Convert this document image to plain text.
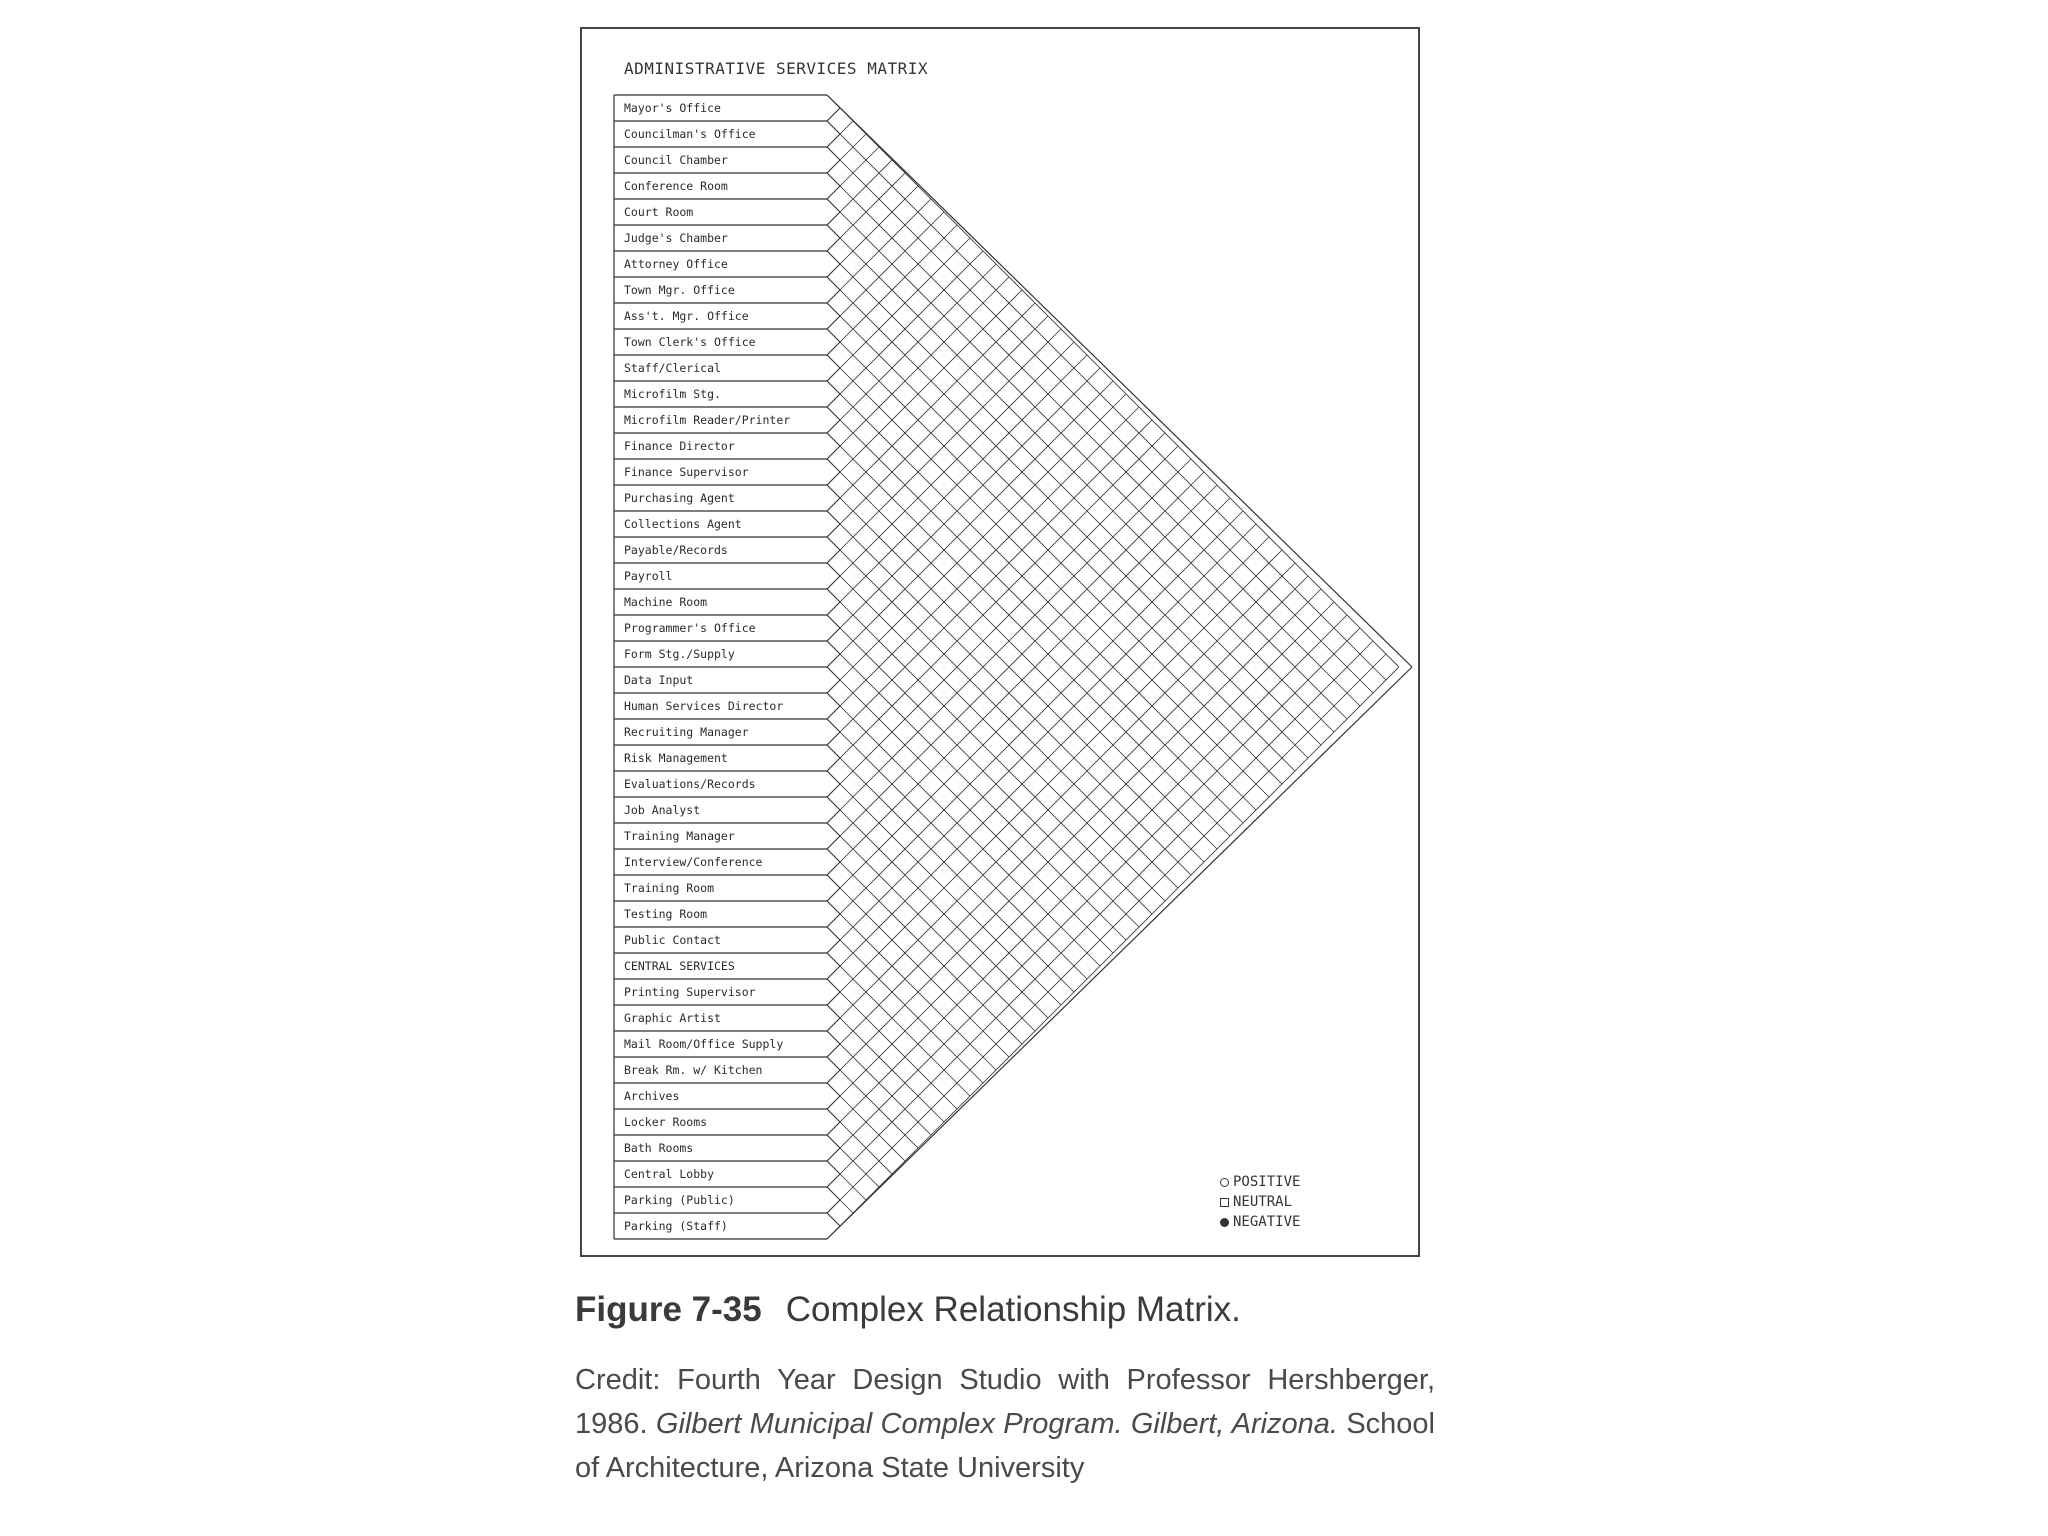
ADMINISTRATIVE SERVICES MATRIX
Mayor's Office
Councilman's Office
Council Chamber
Conference Room
Court Room
Judge's Chamber
Attorney Office
Town Mgr. Office
Ass't. Mgr. Office
Town Clerk's Office
Staff/Clerical
Microfilm Stg.
Microfilm Reader/Printer
Finance Director
Finance Supervisor
Purchasing Agent
Collections Agent
Payable/Records
Payroll
Machine Room
Programmer's Office
Form Stg./Supply
Data Input
Human Services Director
Recruiting Manager
Risk Management
Evaluations/Records
Job Analyst
Training Manager
Interview/Conference
Training Room
Testing Room
Public Contact
CENTRAL SERVICES
Printing Supervisor
Graphic Artist
Mail Room/Office Supply
Break Rm. w/ Kitchen
Archives
Locker Rooms
Bath Rooms
Central Lobby
Parking (Public)
Parking (Staff)
POSITIVE
NEUTRAL
NEGATIVE
Figure 7-35 Complex Relationship Matrix.
Credit: Fourth Year Design Studio with Professor Hershberger, 1986. Gilbert Municipal Complex Program. Gilbert, Arizona. School of Architecture, Arizona State University
